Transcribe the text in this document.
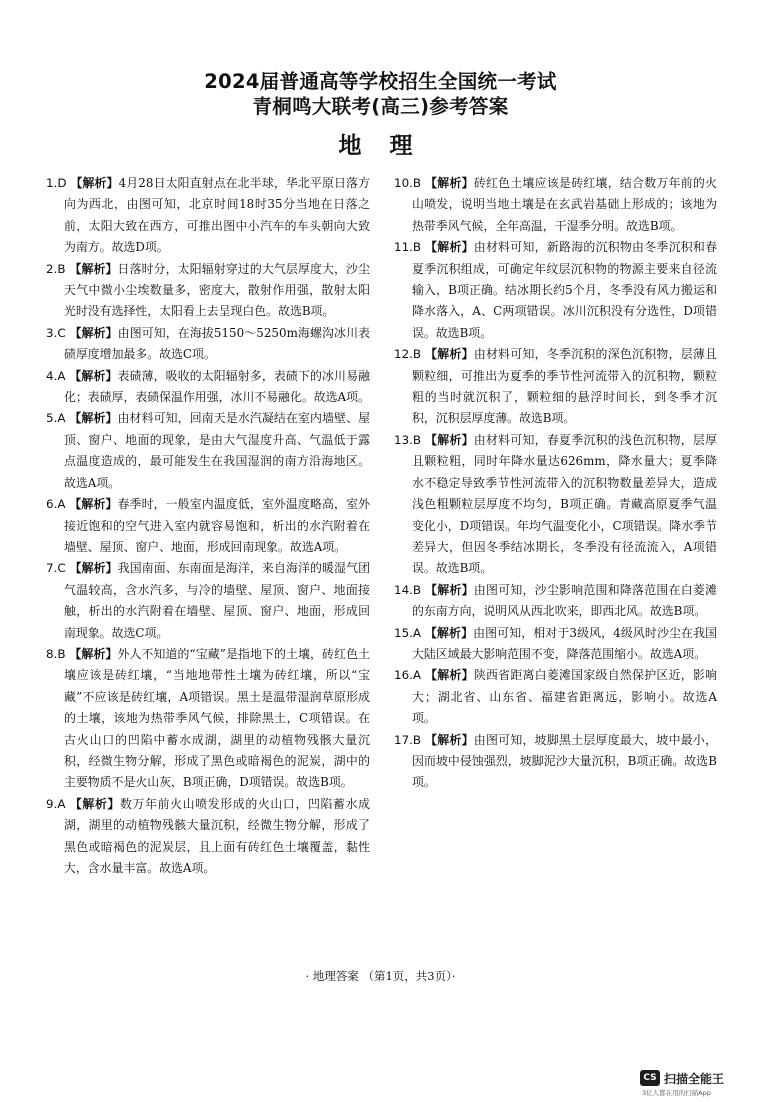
2024届普通高等学校招生全国统一考试
青桐鸣大联考(高三)参考答案
地 理
1.D 【解析】4月28日太阳直射点在北半球，华北平原日落方向为西北，由图可知，北京时间18时35分当地在日落之前，太阳大致在西方，可推出图中小汽车的车头朝向大致为南方。故选D项。
2.B 【解析】日落时分，太阳辐射穿过的大气层厚度大，沙尘天气中微小尘埃数量多，密度大，散射作用强，散射太阳光时没有选择性，太阳看上去呈现白色。故选B项。
3.C 【解析】由图可知，在海拔5150～5250m海螺沟冰川表碛厚度增加最多。故选C项。
4.A 【解析】表碛薄，吸收的太阳辐射多，表碛下的冰川易融化；表碛厚，表碛保温作用强，冰川不易融化。故选A项。
5.A 【解析】由材料可知，回南天是水汽凝结在室内墙壁、屋顶、窗户、地面的现象，是由大气湿度升高、气温低于露点温度造成的，最可能发生在我国湿润的南方沿海地区。故选A项。
6.A 【解析】春季时，一般室内温度低，室外温度略高，室外接近饱和的空气进入室内就容易饱和，析出的水汽附着在墙壁、屋顶、窗户、地面，形成回南现象。故选A项。
7.C 【解析】我国南面、东南面是海洋，来自海洋的暖湿气团气温较高，含水汽多，与冷的墙壁、屋顶、窗户、地面接触，析出的水汽附着在墙壁、屋顶、窗户、地面，形成回南现象。故选C项。
8.B 【解析】外人不知道的“宝藏”是指地下的土壤，砖红色土壤应该是砖红壤，“当地地带性土壤为砖红壤，所以“宝藏”不应该是砖红壤，A项错误。黑土是温带湿润草原形成的土壤，该地为热带季风气候，排除黑土，C项错误。在古火山口的凹陷中蓄水成湖，湖里的动植物残骸大量沉积，经微生物分解，形成了黑色或暗褐色的泥炭，湖中的主要物质不是火山灰，B项正确，D项错误。故选B项。
9.A 【解析】数万年前火山喷发形成的火山口，凹陷蓄水成湖，湖里的动植物残骸大量沉积，经微生物分解，形成了黑色或暗褐色的泥炭层，且上面有砖红色土壤覆盖，黏性大，含水量丰富。故选A项。
10.B 【解析】砖红色土壤应该是砖红壤，结合数万年前的火山喷发，说明当地土壤是在玄武岩基础上形成的；该地为热带季风气候，全年高温，干湿季分明。故选B项。
11.B 【解析】由材料可知，新路海的沉积物由冬季沉积和春夏季沉积组成，可确定年纹层沉积物的物源主要来自径流输入，B项正确。结冰期长约5个月，冬季没有风力搬运和降水落入，A、C两项错误。冰川沉积没有分选性，D项错误。故选B项。
12.B 【解析】由材料可知，冬季沉积的深色沉积物，层薄且颗粒细，可推出为夏季的季节性河流带入的沉积物，颗粒粗的当时就沉积了，颗粒细的悬浮时间长，到冬季才沉积，沉积层厚度薄。故选B项。
13.B 【解析】由材料可知，春夏季沉积的浅色沉积物，层厚且颗粒粗，同时年降水量达626mm，降水量大；夏季降水不稳定导致季节性河流带入的沉积物数量差异大，造成浅色粗颗粒层厚度不均匀，B项正确。青藏高原夏季气温变化小，D项错误。年均气温变化小，C项错误。降水季节差异大，但因冬季结冰期长，冬季没有径流流入，A项错误。故选B项。
14.B 【解析】由图可知，沙尘影响范围和降落范围在白菱滩的东南方向，说明风从西北吹来，即西北风。故选B项。
15.A 【解析】由图可知，相对于3级风，4级风时沙尘在我国大陆区域最大影响范围不变，降落范围缩小。故选A项。
16.A 【解析】陕西省距离白菱滩国家级自然保护区近，影响大；湖北省、山东省、福建省距离远，影响小。故选A项。
17.B 【解析】由图可知，坡脚黑土层厚度最大，坡中最小，因而坡中侵蚀强烈，坡脚泥沙大量沉积，B项正确。故选B项。
· 地理答案 （第1页，共3页）·
CS 扫描全能王
3亿人都在用的扫描App
